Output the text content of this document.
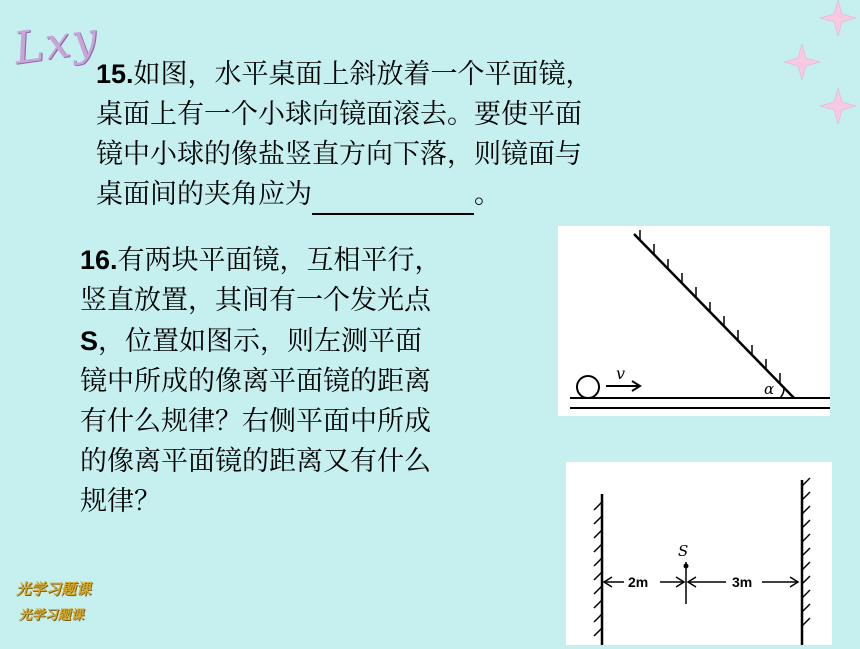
Lxy
15.如图，水平桌面上斜放着一个平面镜，
桌面上有一个小球向镜面滚去。要使平面
镜中小球的像盐竖直方向下落，则镜面与
桌面间的夹角应为	。
16.有两块平面镜，互相平行，
竖直放置，其间有一个发光点
S，位置如图示，则左测平面
镜中所成的像离平面镜的距离
有什么规律？右侧平面中所成
的像离平面镜的距离又有什么
规律？
v
α
S
2m	3m
光学习题课
光学习题课
